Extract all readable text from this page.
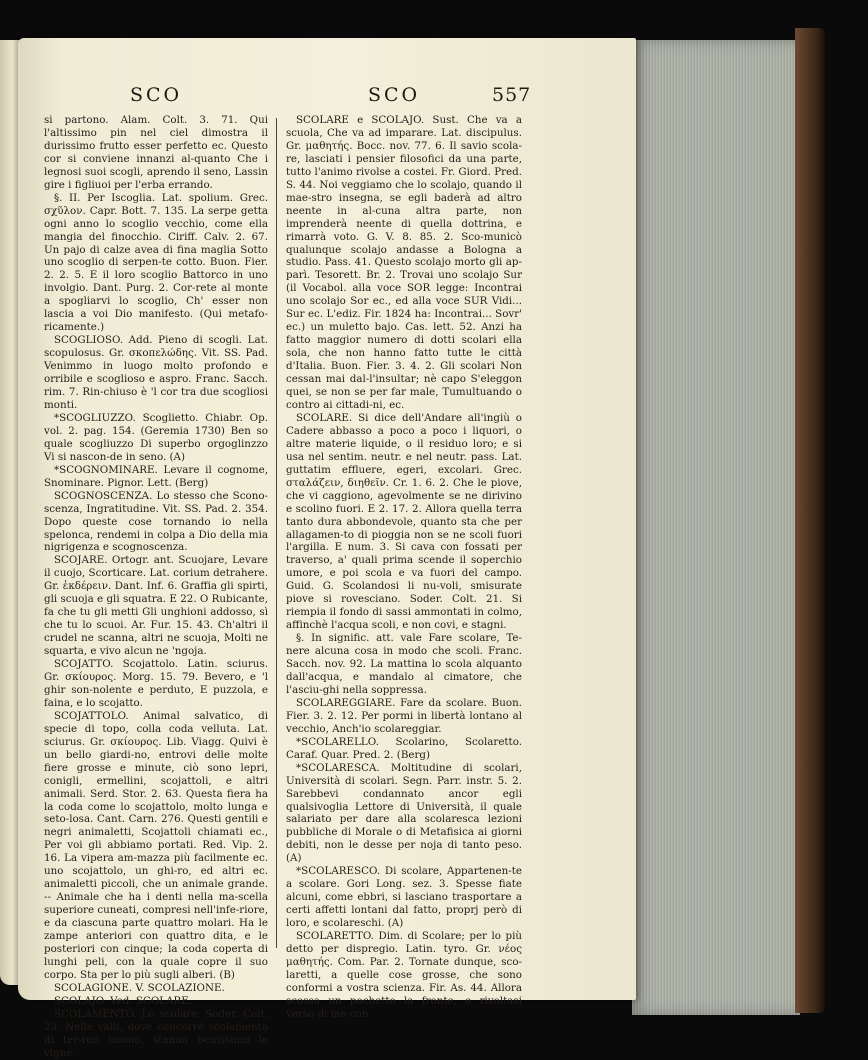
SCO	SCO	557

si partono. Alam. Colt. 3. 71. Qui l'altissimo pin nel ciel dimostra il durissimo frutto esser perfetto ec. Questo cor si conviene innanzi al-quanto Che i legnosi suoi scogli, aprendo il seno, Lassin gire i figliuoi per l'erba errando.

§. II. Per Iscoglia. Lat. spolium. Grec. σχῦλον. Capr. Bott. 7. 135. La serpe getta ogni anno lo scoglio vecchio, come ella mangia del finocchio. Ciriff. Calv. 2. 67. Un pajo di calze avea di fina maglia Sotto uno scoglio di serpen-te cotto. Buon. Fier. 2. 2. 5. E il loro scoglio Battorco in uno involgio. Dant. Purg. 2. Cor-rete al monte a spogliarvi lo scoglio, Ch' esser non lascia a voi Dio manifesto. (Qui metafo-ricamente.)

SCOGLIOSO. Add. Pieno di scogli. Lat. scopulosus. Gr. σκοπελώδης. Vit. SS. Pad. Venimmo in luogo molto profondo e orribile e scoglioso e aspro. Franc. Sacch. rim. 7. Rin-chiuso è 'l cor tra due scogliosi monti.

*SCOGLIUZZO. Scoglietto. Chiabr. Op. vol. 2. pag. 154. (Geremia 1730) Ben so quale scogliuzzo Di superbo orgoglinzzo Vi si nascon-de in seno. (A)

*SCOGNOMINARE. Levare il cognome, Snominare. Pignor. Lett. (Berg)

SCOGNOSCENZA. Lo stesso che Scono-scenza, Ingratitudine. Vit. SS. Pad. 2. 354. Dopo queste cose tornando io nella spelonca, rendemi in colpa a Dio della mia nigrigenza e scognoscenza.

SCOJARE. Ortogr. ant. Scuojare, Levare il cuojo, Scorticare. Lat. corium detrahere. Gr. ἐκδέρειν. Dant. Inf. 6. Graffia gli spirti, gli scuoja e gli squatra. E 22. O Rubicante, fa che tu gli metti Gli unghioni addosso, sì che tu lo scuoi. Ar. Fur. 15. 43. Ch'altri il crudel ne scanna, altri ne scuoja, Molti ne squarta, e vivo alcun ne 'ngoja.

SCOJATTO. Scojattolo. Latin. sciurus. Gr. σκίουρος. Morg. 15. 79. Bevero, e 'l ghir son-nolente e perduto, E puzzola, e faina, e lo scojatto.

SCOJATTOLO. Animal salvatico, di specie di topo, colla coda velluta. Lat. sciurus. Gr. σκίουρος. Lib. Viagg. Quivi è un bello giardi-no, entrovi delle molte fiere grosse e minute, ciò sono lepri, conigli, ermellini, scojattoli, e altri animali. Serd. Stor. 2. 63. Questa fiera ha la coda come lo scojattolo, molto lunga e seto-losa. Cant. Carn. 276. Questi gentili e negri animaletti, Scojattoli chiamati ec., Per voi gli abbiamo portati. Red. Vip. 2. 16. La vipera am-mazza più facilmente ec. uno scojattolo, un ghi-ro, ed altri ec. animaletti piccoli, che un animale grande. -- Animale che ha i denti nella ma-scella superiore cuneati, compresi nell'infe-riore, e da ciascuna parte quattro molari. Ha le zampe anteriori con quattro dita, e le posteriori con cinque; la coda coperta di lunghi peli, con la quale copre il suo corpo. Sta per lo più sugli alberi. (B)

SCOLAGIONE. V. SCOLAZIONE.

SCOLAJO. Ved. SCOLARE.

SCOLAMENTO. Lo scolare. Soder. Colt. 23. Nelle valli, dove concorre scolamento di ter-ren buono, stanno benissimo le vigne.

SCOLARE e SCOLAJO. Sust. Che va a scuola, Che va ad imparare. Lat. discipulus. Gr. μαθητής. Bocc. nov. 77. 6. Il savio scola-re, lasciati i pensier filosofici da una parte, tutto l'animo rivolse a costei. Fr. Giord. Pred. S. 44. Noi veggiamo che lo scolajo, quando il mae-stro insegna, se egli baderà ad altro neente in al-cuna altra parte, non imprenderà neente di quella dottrina, e rimarrà voto. G. V. 8. 85. 2. Sco-municò qualunque scolajo andasse a Bologna a studio. Pass. 41. Questo scolajo morto gli ap-parì. Tesorett. Br. 2. Trovai uno scolajo Sur (il Vocabol. alla voce SOR legge: Incontrai uno scolajo Sor ec., ed alla voce SUR Vidi... Sur ec. L'ediz. Fir. 1824 ha: Incontrai... Sovr' ec.) un muletto bajo. Cas. lett. 52. Anzi ha fatto maggior numero di dotti scolari ella sola, che non hanno fatto tutte le città d'Italia. Buon. Fier. 3. 4. 2. Gli scolari Non cessan mai dal-l'insultar; nè capo S'eleggon quei, se non se per far male, Tumultuando o contro ai cittadi-ni, ec.

SCOLARE. Si dice dell'Andare all'ingiù o Cadere abbasso a poco a poco i liquori, o altre materie liquide, o il residuo loro; e si usa nel sentim. neutr. e nel neutr. pass. Lat. guttatim effluere, egeri, excolari. Grec. σταλάζειν, διηθεῖν. Cr. 1. 6. 2. Che le piove, che vi caggiono, agevolmente se ne dirivino e scolino fuori. E 2. 17. 2. Allora quella terra tanto dura abbondevole, quanto sta che per allagamen-to di pioggia non se ne scoli fuori l'argilla. E num. 3. Si cava con fossati per traverso, a' quali prima scende il soperchio umore, e poi scola e va fuori del campo. Guid. G. Scolandosi li nu-voli, smisurate piove si rovesciano. Soder. Colt. 21. Si riempia il fondo di sassi ammontati in colmo, affinchè l'acqua scoli, e non covi, e stagni.

§. In signific. att. vale Fare scolare, Te-nere alcuna cosa in modo che scoli. Franc. Sacch. nov. 92. La mattina lo scola alquanto dall'acqua, e mandalo al cimatore, che l'asciu-ghi nella soppressa.

SCOLAREGGIARE. Fare da scolare. Buon. Fier. 3. 2. 12. Per pormi in libertà lontano al vecchio, Anch'io scolareggiar.

*SCOLARELLO. Scolarino, Scolaretto. Caraf. Quar. Pred. 2. (Berg)

*SCOLARESCA. Moltitudine di scolari, Università di scolari. Segn. Parr. instr. 5. 2. Sarebbevi condannato ancor egli qualsivoglia Lettore di Università, il quale salariato per dare alla scolaresca lezioni pubbliche di Morale o di Metafisica ai giorni debiti, non le desse per noja di tanto peso. (A)

*SCOLARESCO. Di scolare, Appartenen-te a scolare. Gori Long. sez. 3. Spesse fiate alcuni, come ebbri, si lasciano trasportare a certi affetti lontani dal fatto, proprj però di loro, e scolareschi. (A)

SCOLARETTO. Dim. di Scolare; per lo più detto per dispregio. Latin. tyro. Gr. νέος μαθητής. Com. Par. 2. Tornate dunque, sco-laretti, a quelle cose grosse, che sono conformi a vostra scienza. Fir. As. 44. Allora scossa un pochetto la fronte, e rivoltasi verso di me con
